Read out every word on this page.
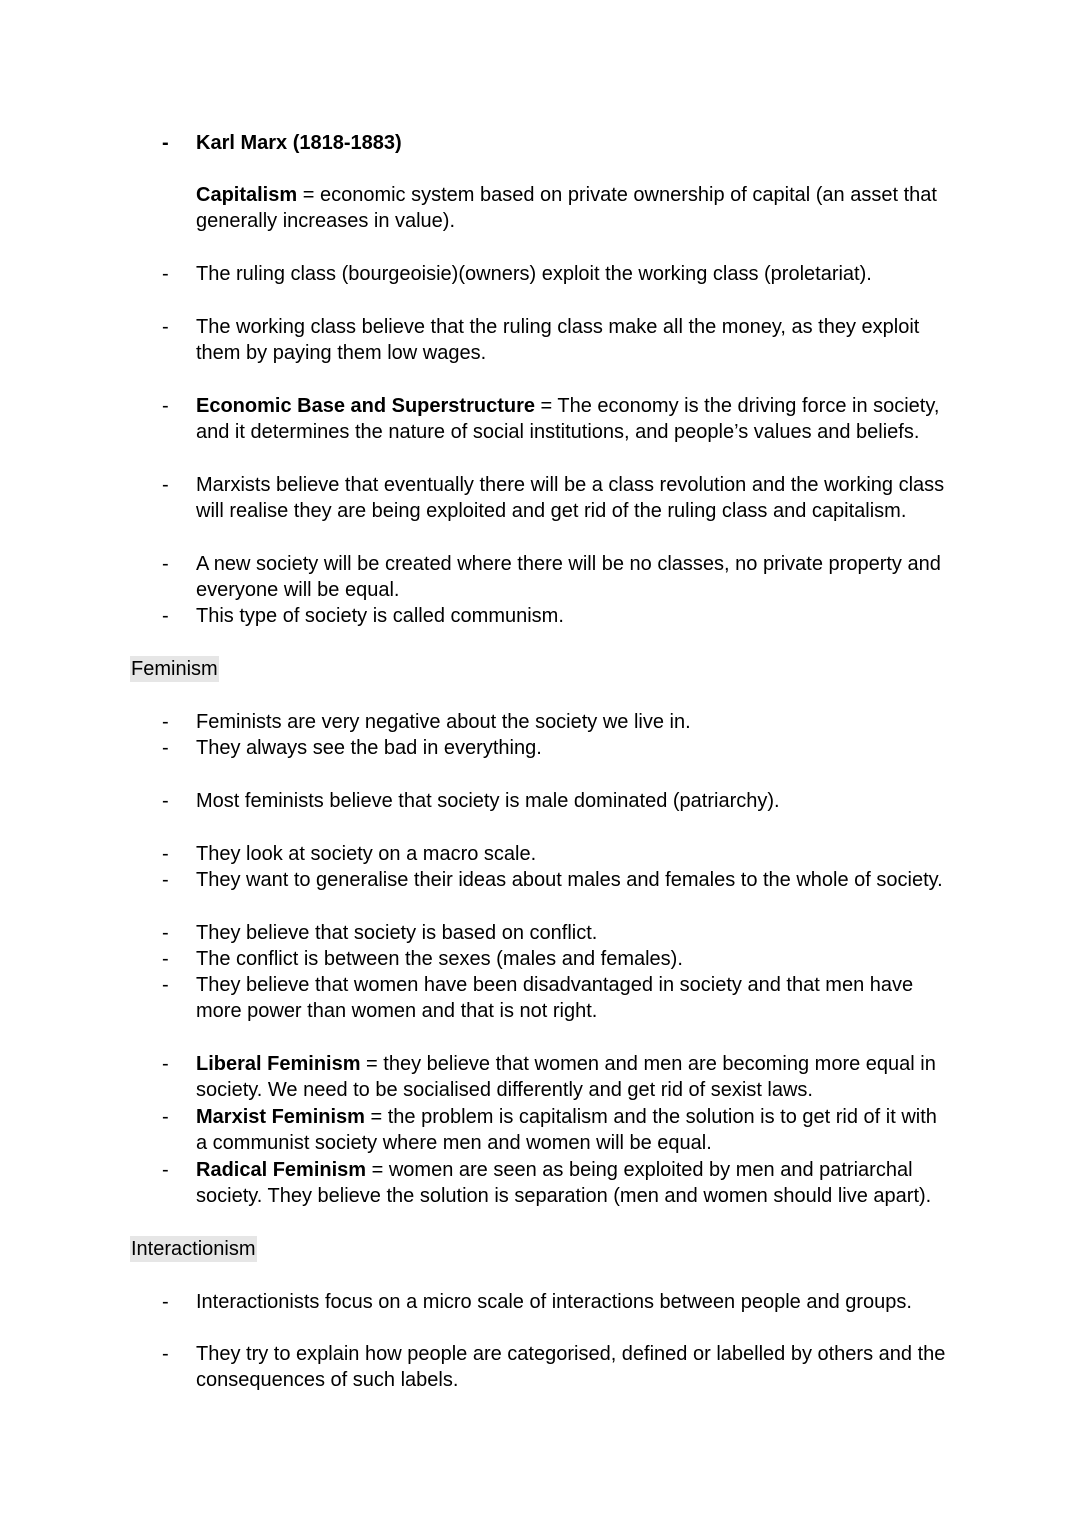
-	Karl Marx (1818-1883)
Capitalism = economic system based on private ownership of capital (an asset that
generally increases in value).
-	The ruling class (bourgeoisie)(owners) exploit the working class (proletariat).
-	The working class believe that the ruling class make all the money, as they exploit
them by paying them low wages.
-	Economic Base and Superstructure = The economy is the driving force in society,
and it determines the nature of social institutions, and people’s values and beliefs.
-	Marxists believe that eventually there will be a class revolution and the working class
will realise they are being exploited and get rid of the ruling class and capitalism.
-	A new society will be created where there will be no classes, no private property and
everyone will be equal.
-	This type of society is called communism.
Feminism
-	Feminists are very negative about the society we live in.
-	They always see the bad in everything.
-	Most feminists believe that society is male dominated (patriarchy).
-	They look at society on a macro scale.
-	They want to generalise their ideas about males and females to the whole of society.
-	They believe that society is based on conflict.
-	The conflict is between the sexes (males and females).
-	They believe that women have been disadvantaged in society and that men have
more power than women and that is not right.
-	Liberal Feminism = they believe that women and men are becoming more equal in
society. We need to be socialised differently and get rid of sexist laws.
-	Marxist Feminism = the problem is capitalism and the solution is to get rid of it with
a communist society where men and women will be equal.
-	Radical Feminism = women are seen as being exploited by men and patriarchal
society. They believe the solution is separation (men and women should live apart).
Interactionism
-	Interactionists focus on a micro scale of interactions between people and groups.
-	They try to explain how people are categorised, defined or labelled by others and the
consequences of such labels.
